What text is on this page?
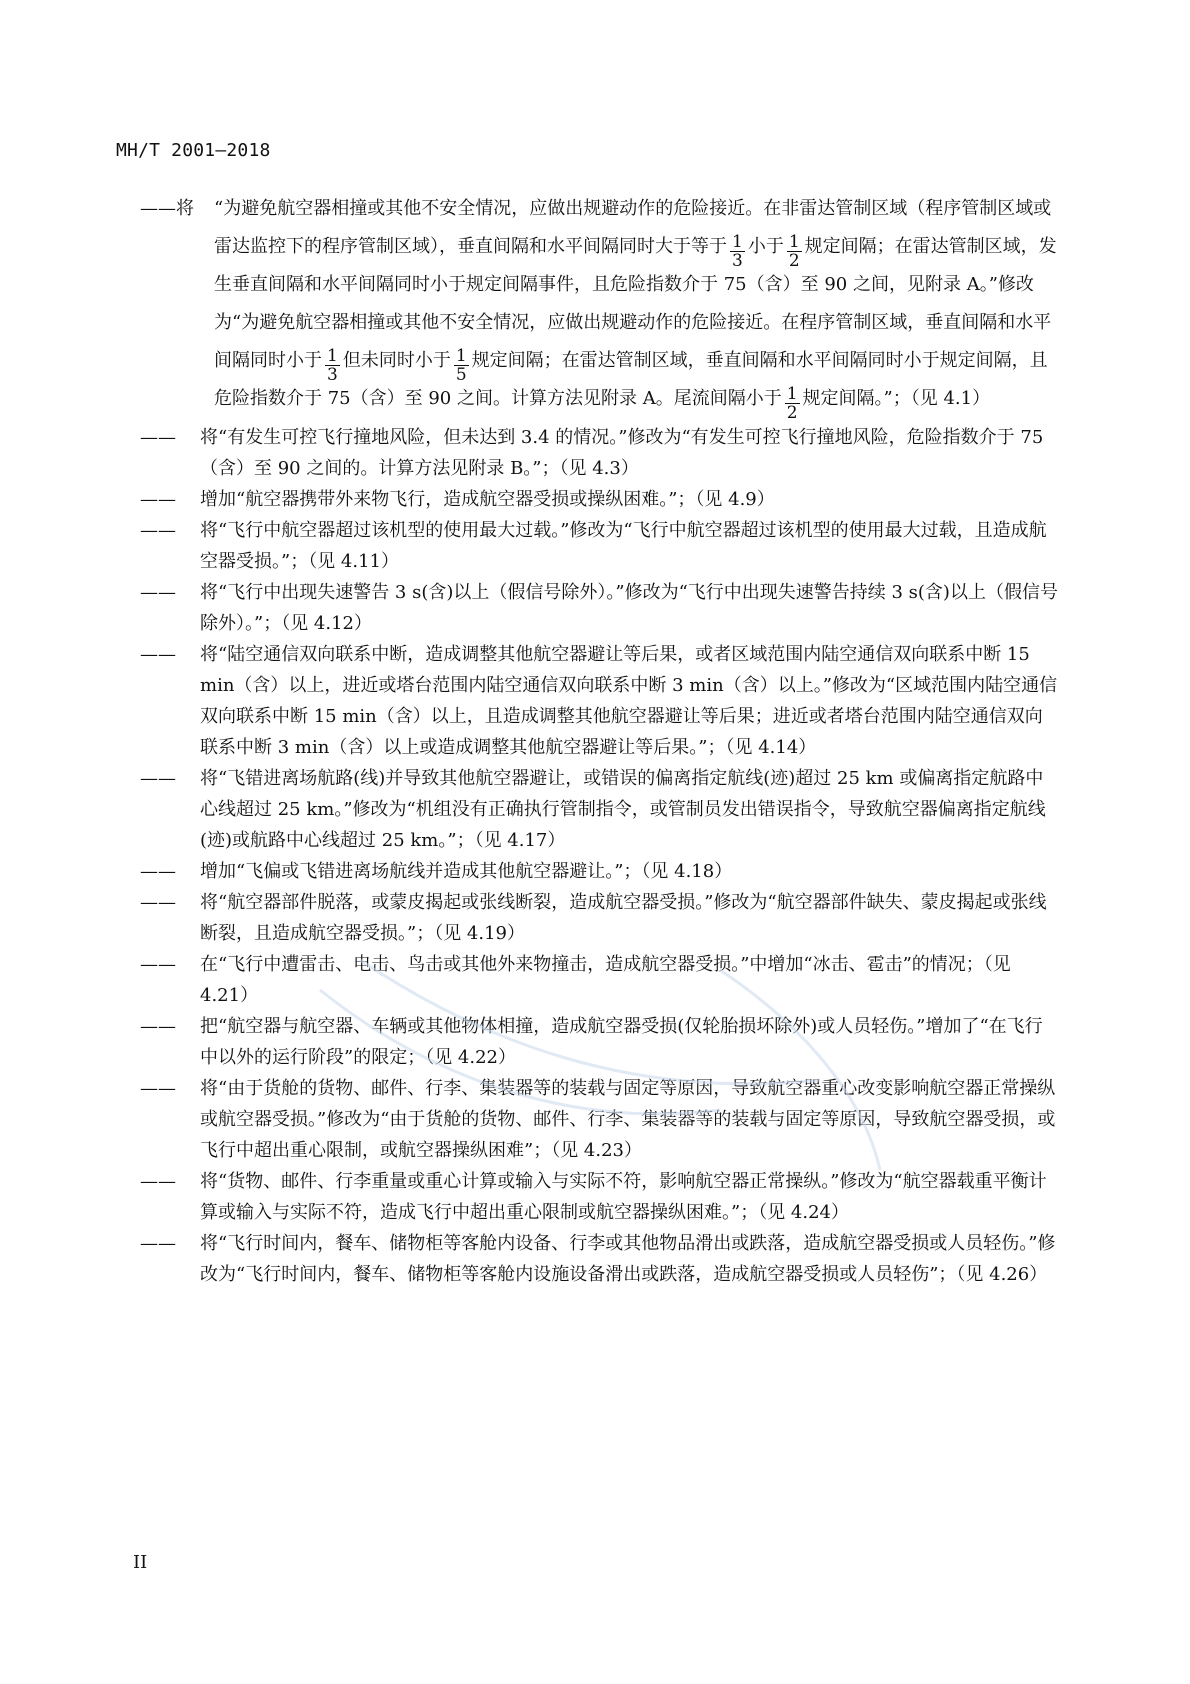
MH/T 2001—2018
——将	“为避免航空器相撞或其他不安全情况，应做出规避动作的危险接近。在非雷达管制区域（程序管制区域或雷达监控下的程序管制区域），垂直间隔和水平间隔同时大于等于 $\frac{1}{3}$ 小于 $\frac{1}{2}$ 规定间隔；在雷达管制区域，发生垂直间隔和水平间隔同时小于规定间隔事件，且危险指数介于 75（含）至 90 之间，见附录 A。”修改为“为避免航空器相撞或其他不安全情况，应做出规避动作的危险接近。在程序管制区域，垂直间隔和水平间隔同时小于 $\frac{1}{3}$ 但未同时小于 $\frac{1}{5}$ 规定间隔；在雷达管制区域，垂直间隔和水平间隔同时小于规定间隔，且危险指数介于 75（含）至 90 之间。计算方法见附录 A。尾流间隔小于 $\frac{1}{2}$ 规定间隔。”；（见 4.1）
——	将“有发生可控飞行撞地风险，但未达到 3.4 的情况。”修改为“有发生可控飞行撞地风险，危险指数介于 75（含）至 90 之间的。计算方法见附录 B。”；（见 4.3）
——	增加“航空器携带外来物飞行，造成航空器受损或操纵困难。”；（见 4.9）
——	将“飞行中航空器超过该机型的使用最大过载。”修改为“飞行中航空器超过该机型的使用最大过载，且造成航空器受损。”；（见 4.11）
——	将“飞行中出现失速警告 3 s(含)以上（假信号除外）。”修改为“飞行中出现失速警告持续 3 s(含)以上（假信号除外）。”；（见 4.12）
——	将“陆空通信双向联系中断，造成调整其他航空器避让等后果，或者区域范围内陆空通信双向联系中断 15 min（含）以上，进近或塔台范围内陆空通信双向联系中断 3 min（含）以上。”修改为“区域范围内陆空通信双向联系中断 15 min（含）以上，且造成调整其他航空器避让等后果；进近或者塔台范围内陆空通信双向联系中断 3 min（含）以上或造成调整其他航空器避让等后果。”；（见 4.14）
——	将“飞错进离场航路(线)并导致其他航空器避让，或错误的偏离指定航线(迹)超过 25 km 或偏离指定航路中心线超过 25 km。”修改为“机组没有正确执行管制指令，或管制员发出错误指令，导致航空器偏离指定航线(迹)或航路中心线超过 25 km。”；（见 4.17）
——	增加“飞偏或飞错进离场航线并造成其他航空器避让。”；（见 4.18）
——	将“航空器部件脱落，或蒙皮揭起或张线断裂，造成航空器受损。”修改为“航空器部件缺失、蒙皮揭起或张线断裂，且造成航空器受损。”；（见 4.19）
——	在“飞行中遭雷击、电击、鸟击或其他外来物撞击，造成航空器受损。”中增加“冰击、雹击”的情况；（见 4.21）
——	把“航空器与航空器、车辆或其他物体相撞，造成航空器受损(仅轮胎损坏除外)或人员轻伤。”增加了“在飞行中以外的运行阶段”的限定；（见 4.22）
——	将“由于货舱的货物、邮件、行李、集装器等的装载与固定等原因，导致航空器重心改变影响航空器正常操纵或航空器受损。”修改为“由于货舱的货物、邮件、行李、集装器等的装载与固定等原因，导致航空器受损，或飞行中超出重心限制，或航空器操纵困难”；（见 4.23）
——	将“货物、邮件、行李重量或重心计算或输入与实际不符，影响航空器正常操纵。”修改为“航空器载重平衡计算或输入与实际不符，造成飞行中超出重心限制或航空器操纵困难。”；（见 4.24）
——	将“飞行时间内，餐车、储物柜等客舱内设备、行李或其他物品滑出或跌落，造成航空器受损或人员轻伤。”修改为“飞行时间内，餐车、储物柜等客舱内设施设备滑出或跌落，造成航空器受损或人员轻伤”；（见 4.26）
II
